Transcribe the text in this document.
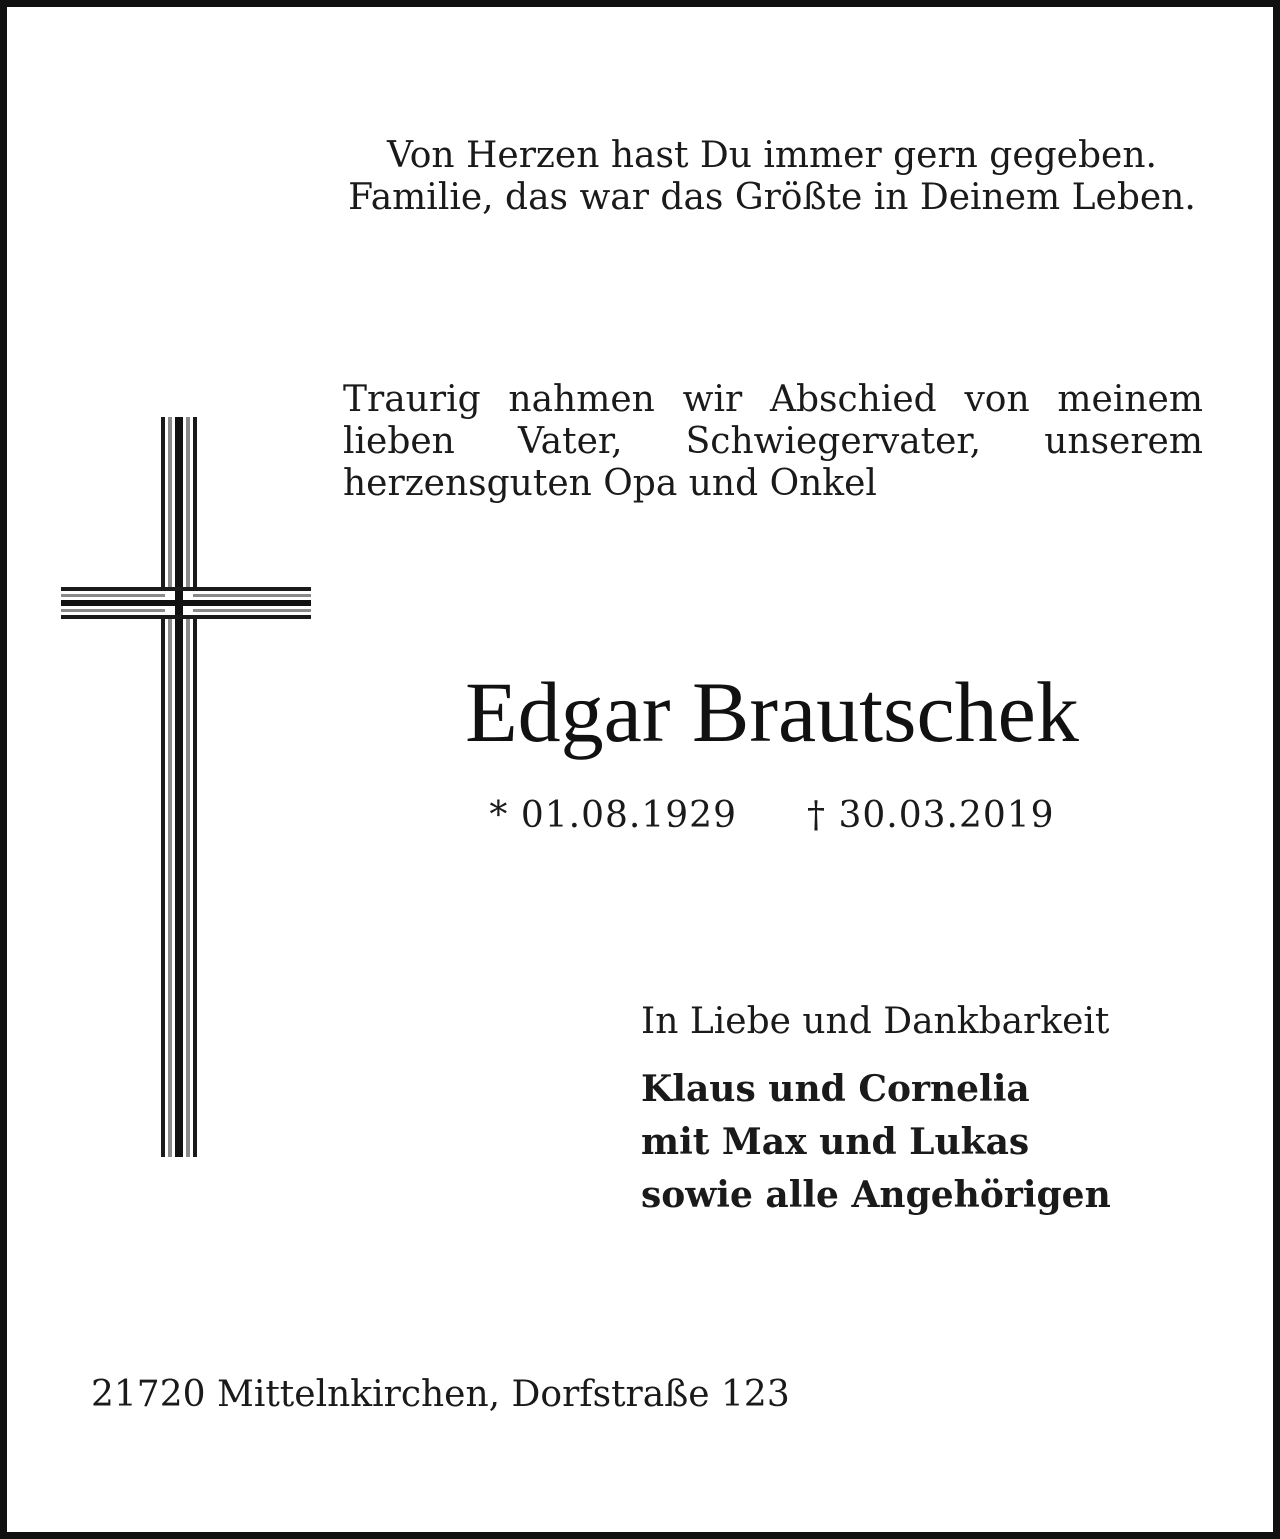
Von Herzen hast Du immer gern gegeben.
Familie, das war das Größte in Deinem Leben.
Traurig nahmen wir Abschied von meinem lieben Vater, Schwiegervater, unserem herzensguten Opa und Onkel
Edgar Brautschek
* 01.08.1929 † 30.03.2019
In Liebe und Dankbarkeit
Klaus und Cornelia
mit Max und Lukas
sowie alle Angehörigen
21720 Mittelnkirchen, Dorfstraße 123
